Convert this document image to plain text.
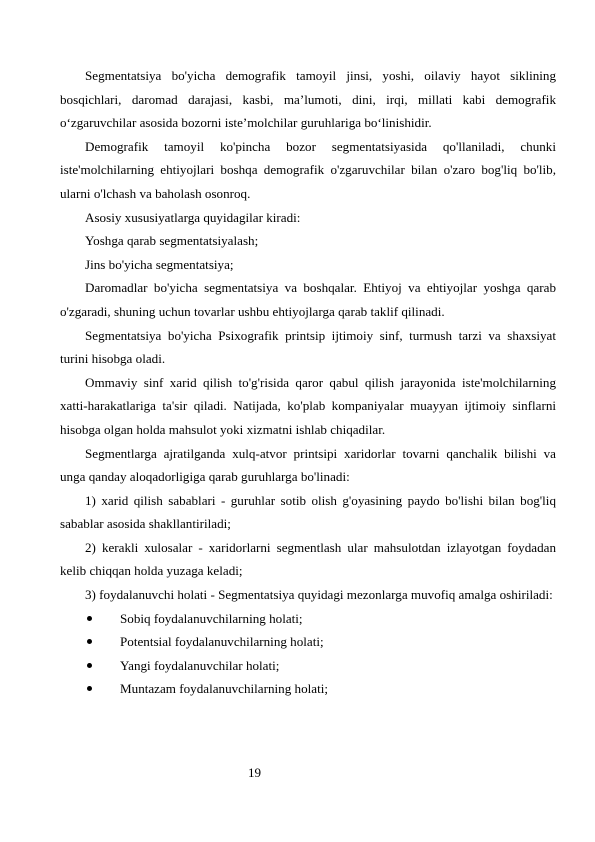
Segmentatsiya bo'yicha demografik tamoyil jinsi, yoshi, oilaviy hayot siklining bosqichlari, daromad darajasi, kasbi, ma’lumoti, dini, irqi, millati kabi demografik o‘zgaruvchilar asosida bozorni iste’molchilar guruhlariga bo‘linishidir.

Demografik tamoyil ko'pincha bozor segmentatsiyasida qo'llaniladi, chunki iste'molchilarning ehtiyojlari boshqa demografik o'zgaruvchilar bilan o'zaro bog'liq bo'lib, ularni o'lchash va baholash osonroq.

Asosiy xususiyatlarga quyidagilar kiradi:

Yoshga qarab segmentatsiyalash;

Jins bo'yicha segmentatsiya;

Daromadlar bo'yicha segmentatsiya va boshqalar. Ehtiyoj va ehtiyojlar yoshga qarab o'zgaradi, shuning uchun tovarlar ushbu ehtiyojlarga qarab taklif qilinadi.

Segmentatsiya bo'yicha Psixografik printsip ijtimoiy sinf, turmush tarzi va shaxsiyat turini hisobga oladi.

Ommaviy sinf xarid qilish to'g'risida qaror qabul qilish jarayonida iste'molchilarning xatti-harakatlariga ta'sir qiladi. Natijada, ko'plab kompaniyalar muayyan ijtimoiy sinflarni hisobga olgan holda mahsulot yoki xizmatni ishlab chiqadilar.

Segmentlarga ajratilganda xulq-atvor printsipi xaridorlar tovarni qanchalik bilishi va unga qanday aloqadorligiga qarab guruhlarga bo'linadi:

1) xarid qilish sabablari - guruhlar sotib olish g'oyasining paydo bo'lishi bilan bog'liq sabablar asosida shakllantiriladi;

2) kerakli xulosalar - xaridorlarni segmentlash ular mahsulotdan izlayotgan foydadan kelib chiqqan holda yuzaga keladi;

3) foydalanuvchi holati - Segmentatsiya quyidagi mezonlarga muvofiq amalga oshiriladi:

Sobiq foydalanuvchilarning holati;
Potentsial foydalanuvchilarning holati;
Yangi foydalanuvchilar holati;
Muntazam foydalanuvchilarning holati;
19
